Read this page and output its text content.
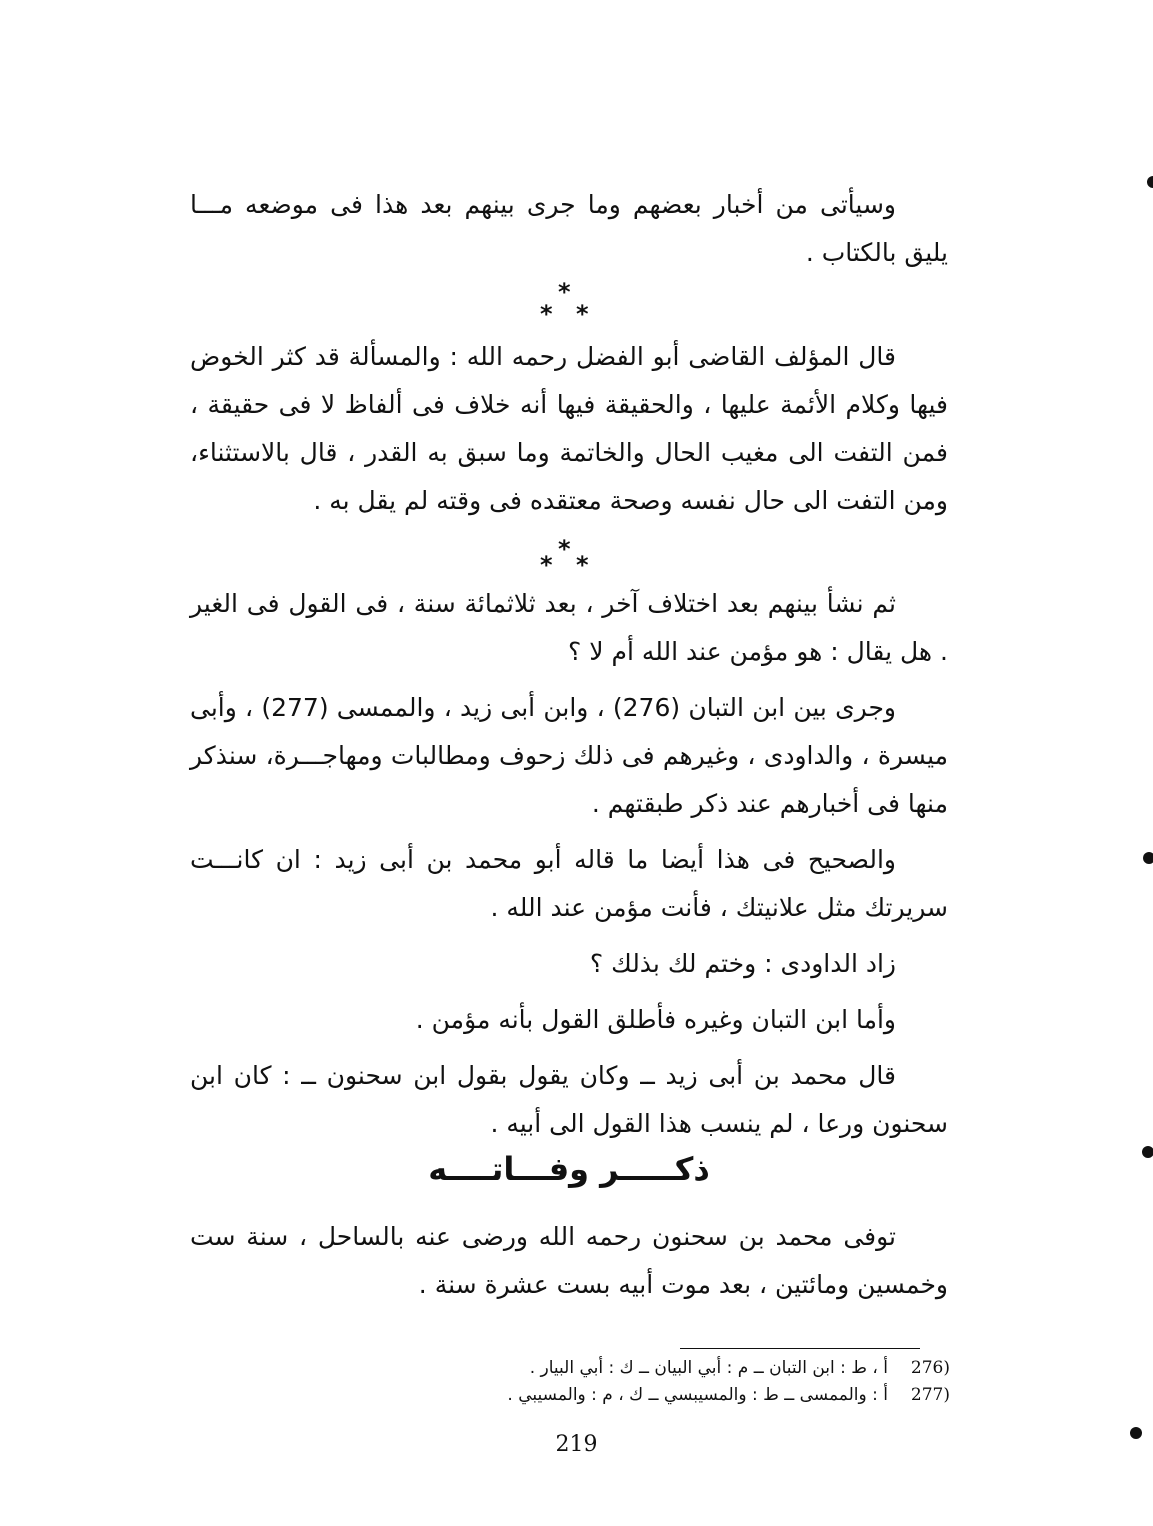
وسيأتى من أخبار بعضهم وما جرى بينهم بعد هذا فى موضعه مـــا يليق بالكتاب .

*
* *

قال المؤلف القاضى أبو الفضل رحمه الله : والمسألة قد كثر الخوض فيها وكلام الأئمة عليها ، والحقيقة فيها أنه خلاف فى ألفاظ لا فى حقيقة ، فمن التفت الى مغيب الحال والخاتمة وما سبق به القدر ، قال بالاستثناء، ومن التفت الى حال نفسه وصحة معتقده فى وقته لم يقل به .

*
* *

ثم نشأ بينهم بعد اختلاف آخر ، بعد ثلاثمائة سنة ، فى القول فى الغير . هل يقال : هو مؤمن عند الله أم لا ؟

وجرى بين ابن التبان (276) ، وابن أبى زيد ، والممسى (277) ، وأبى ميسرة ، والداودى ، وغيرهم فى ذلك زحوف ومطالبات ومهاجـــرة، سنذكر منها فى أخبارهم عند ذكر طبقتهم .

والصحيح فى هذا أيضا ما قاله أبو محمد بن أبى زيد : ان كانـــت سريرتك مثل علانيتك ، فأنت مؤمن عند الله .

زاد الداودى : وختم لك بذلك ؟

وأما ابن التبان وغيره فأطلق القول بأنه مؤمن .

قال محمد بن أبى زيد ــ وكان يقول بقول ابن سحنون ــ : كان ابن سحنون ورعا ، لم ينسب هذا القول الى أبيه .

ذكـــــر وفـــاتــــه

توفى محمد بن سحنون رحمه الله ورضى عنه بالساحل ، سنة ست وخمسين ومائتين ، بعد موت أبيه بست عشرة سنة .

276)
أ ، ط : ابن التبان ــ م : أبي البيان ــ ك : أبي البيار .
277)
أ : والممسى ــ ط : والمسيبسي ــ ك ، م : والمسيبي .
219
